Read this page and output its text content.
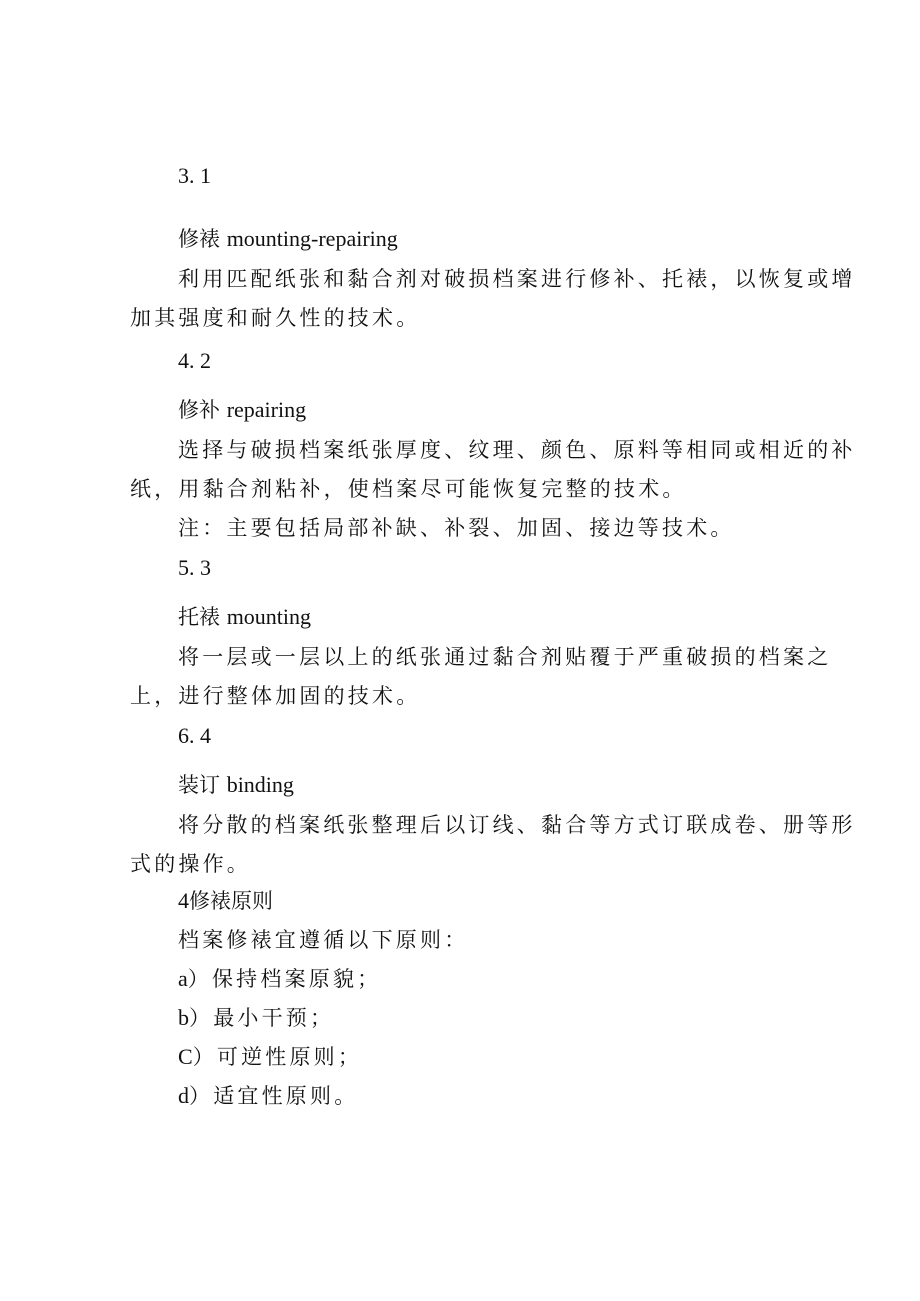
3. 1
修裱 mounting-repairing
利用匹配纸张和黏合剂对破损档案进行修补、托裱，以恢复或增
加其强度和耐久性的技术。
4. 2
修补 repairing
选择与破损档案纸张厚度、纹理、颜色、原料等相同或相近的补
纸，用黏合剂粘补，使档案尽可能恢复完整的技术。
注：主要包括局部补缺、补裂、加固、接边等技术。
5. 3
托裱 mounting
将一层或一层以上的纸张通过黏合剂贴覆于严重破损的档案之
上，进行整体加固的技术。
6. 4
装订 binding
将分散的档案纸张整理后以订线、黏合等方式订联成卷、册等形
式的操作。
4修裱原则
档案修裱宜遵循以下原则：
a）保持档案原貌；
b）最小干预；
C）可逆性原则；
d）适宜性原则。
